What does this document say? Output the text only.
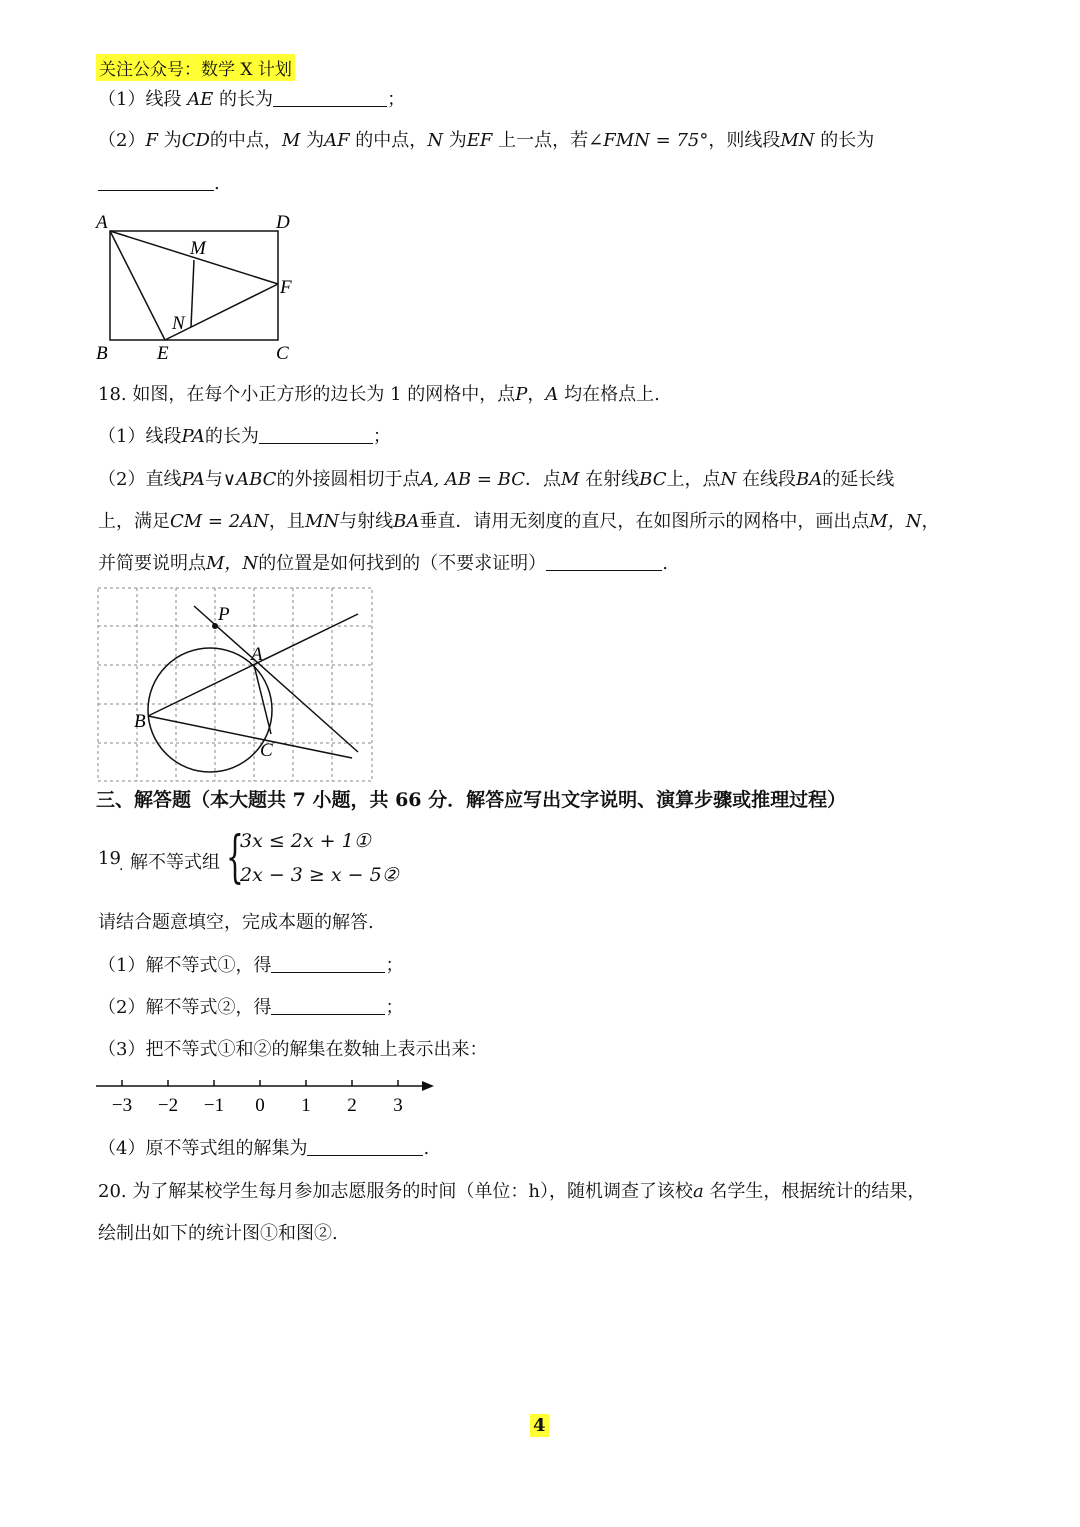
关注公众号：数学 X 计划
（1）线段 AE 的长为	；
（2）F 为CD的中点，M 为AF 的中点，N 为EF 上一点，若∠FMN = 75°，则线段MN 的长为
.
A	D
M
F
N
B	E	C
18. 如图，在每个小正方形的边长为 1 的网格中，点P，A 均在格点上.
（1）线段PA的长为	；
（2）直线PA与∨ABC的外接圆相切于点A, AB = BC．点M 在射线BC上，点N 在线段BA的延长线
上，满足CM = 2AN，且MN与射线BA垂直．请用无刻度的直尺，在如图所示的网格中，画出点M，N，
并简要说明点M，N的位置是如何找到的（不要求证明）	.
P
A
B
C
三、解答题（本大题共 7 小题，共 66 分．解答应写出文字说明、演算步骤或推理过程）
19
. 解不等式组 {
3x ≤ 2x + 1①
2x − 3 ≥ x − 5②
请结合题意填空，完成本题的解答.
（1）解不等式①，得	；
（2）解不等式②，得	；
（3）把不等式①和②的解集在数轴上表示出来：
−3 −2 −1 0 1 2 3
（4）原不等式组的解集为	.
20. 为了解某校学生每月参加志愿服务的时间（单位：h），随机调查了该校a 名学生，根据统计的结果，
绘制出如下的统计图①和图②.
4
